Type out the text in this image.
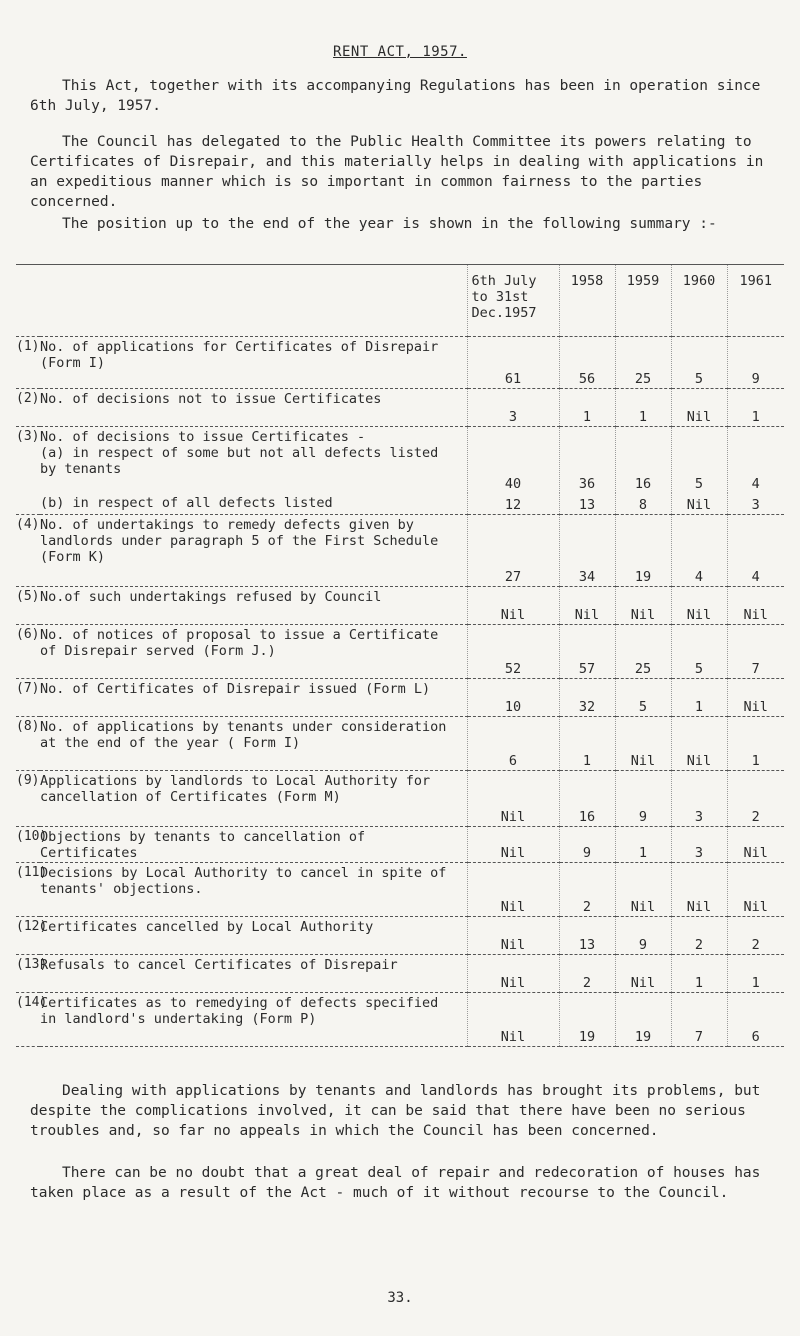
RENT ACT, 1957.

This Act, together with its accompanying Regulations has been in operation since 6th July, 1957.

The Council has delegated to the Public Health Committee its powers relating to Certificates of Disrepair, and this materially helps in dealing with applications in an expeditious manner which is so important in common fairness to the parties concerned.

The position up to the end of the year is shown in the following summary :-

		6th July to 31st Dec.1957	1958	1959	1960	1961
(1)	No. of applications for Certificates of Disrepair (Form I)	61	56	25	5	9
(2)	No. of decisions not to issue Certificates	3	1	1	Nil	1
(3)	No. of decisions to issue Certificates -
(a) in respect of some but not all defects listed by tenants	40	36	16	5	4
	(b) in respect of all defects listed	12	13	8	Nil	3
(4)	No. of undertakings to remedy defects given by landlords under paragraph 5 of the First Schedule (Form K)	27	34	19	4	4
(5)	No.of such undertakings refused by Council	Nil	Nil	Nil	Nil	Nil
(6)	No. of notices of proposal to issue a Certificate of Disrepair served (Form J.)	52	57	25	5	7
(7)	No. of Certificates of Disrepair issued (Form L)	10	32	5	1	Nil
(8)	No. of applications by tenants under consideration at the end of the year ( Form I)	6	1	Nil	Nil	1
(9)	Applications by landlords to Local Authority for cancellation of Certificates (Form M)	Nil	16	9	3	2
(10)	Objections by tenants to cancellation of Certificates	Nil	9	1	3	Nil
(11)	Decisions by Local Authority to cancel in spite of tenants' objections.	Nil	2	Nil	Nil	Nil
(12)	Certificates cancelled by Local Authority	Nil	13	9	2	2
(13)	Refusals to cancel Certificates of Disrepair	Nil	2	Nil	1	1
(14)	Certificates as to remedying of defects specified in landlord's undertaking (Form P)	Nil	19	19	7	6

Dealing with applications by tenants and landlords has brought its problems, but despite the complications involved, it can be said that there have been no serious troubles and, so far no appeals in which the Council has been concerned.

There can be no doubt that a great deal of repair and redecoration of houses has taken place as a result of the Act - much of it without recourse to the Council.

33.
